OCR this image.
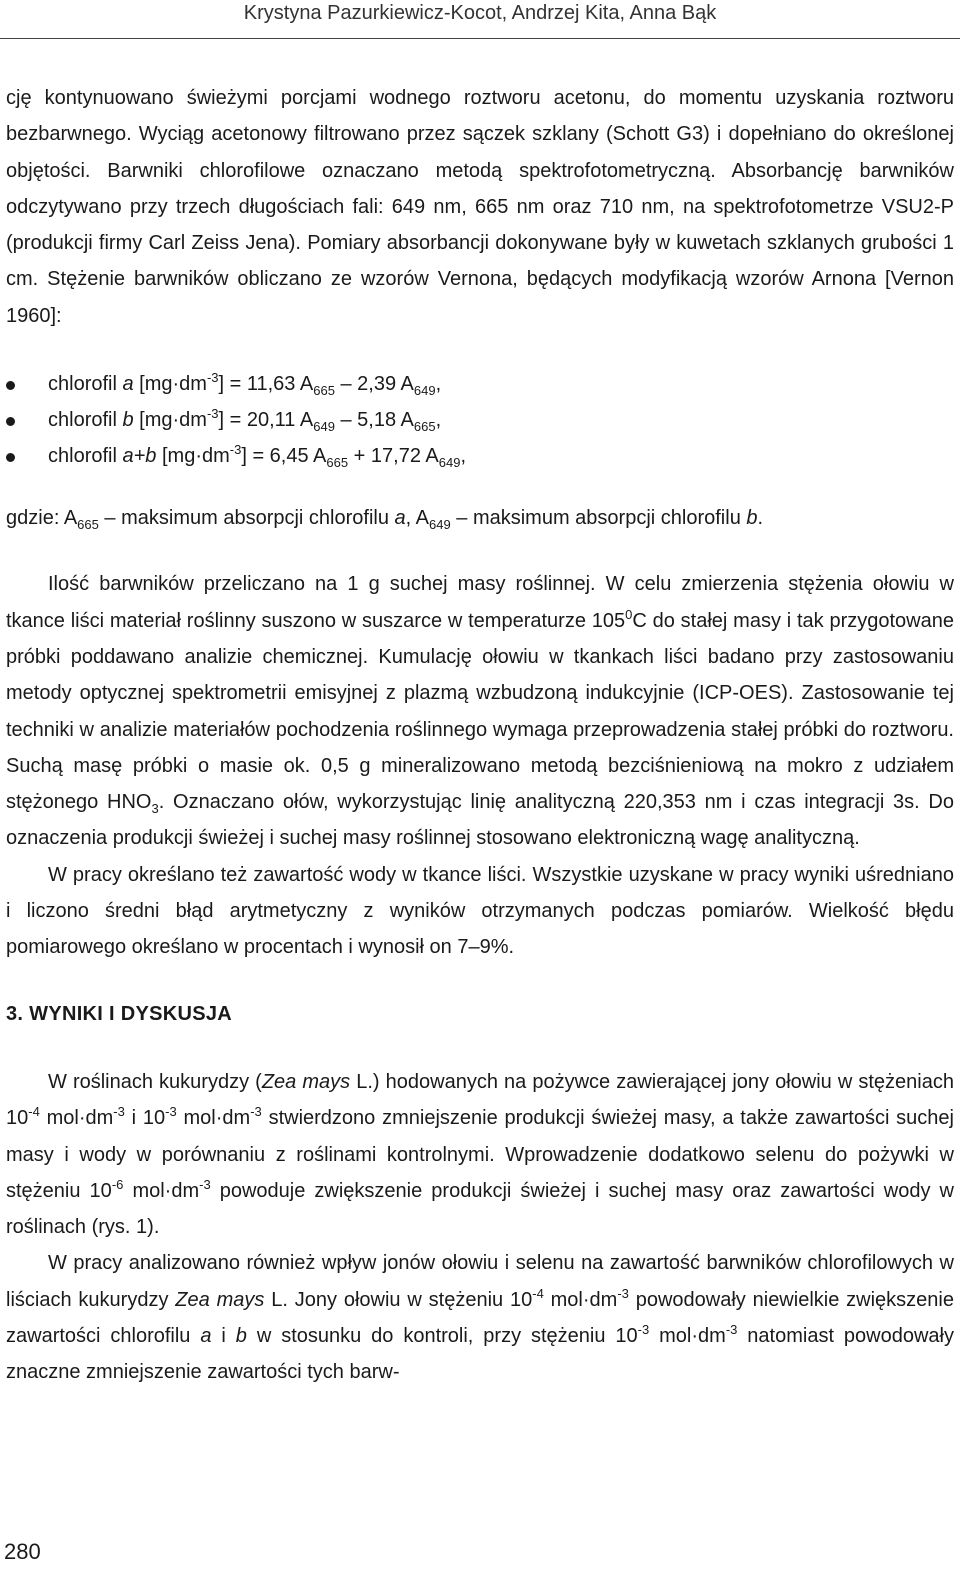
Krystyna Pazurkiewicz-Kocot, Andrzej Kita, Anna Bąk

cję kontynuowano świeżymi porcjami wodnego roztworu acetonu, do momentu uzyskania roztworu bezbarwnego. Wyciąg acetonowy filtrowano przez sączek szklany (Schott G3) i dopełniano do określonej objętości. Barwniki chlorofilowe oznaczano metodą spektrofotometryczną. Absorbancję barwników odczytywano przy trzech długościach fali: 649 nm, 665 nm oraz 710 nm, na spektrofotometrze VSU2-P (produkcji firmy Carl Zeiss Jena). Pomiary absorbancji dokonywane były w kuwetach szklanych grubości 1 cm. Stężenie barwników obliczano ze wzorów Vernona, będących modyfikacją wzorów Arnona [Vernon 1960]:

chlorofil a $[mg\cdot dm^{-3}] = 11,63$ $A_{665} - 2,39$ $A_{649}$,
chlorofil b $[mg\cdot dm^{-3}] = 20,11$ $A_{649} - 5,18$ $A_{665}$,
chlorofil a+b $[mg\cdot dm^{-3}] = 6,45$ $A_{665} + 17,72$ $A_{649}$,

gdzie: $A_{665}$ – maksimum absorpcji chlorofilu a, $A_{649}$ – maksimum absorpcji chlorofilu b.

Ilość barwników przeliczano na 1 g suchej masy roślinnej. W celu zmierzenia stężenia ołowiu w tkance liści materiał roślinny suszono w suszarce w temperaturze $105^0C$ do stałej masy i tak przygotowane próbki poddawano analizie chemicznej. Kumulację ołowiu w tkankach liści badano przy zastosowaniu metody optycznej spektrometrii emisyjnej z plazmą wzbudzoną indukcyjnie (ICP-OES). Zastosowanie tej techniki w analizie materiałów pochodzenia roślinnego wymaga przeprowadzenia stałej próbki do roztworu. Suchą masę próbki o masie ok. 0,5 g mineralizowano metodą bezciśnieniową na mokro z udziałem stężonego $HNO_3$. Oznaczano ołów, wykorzystując linię analityczną 220,353 nm i czas integracji 3s. Do oznaczenia produkcji świeżej i suchej masy roślinnej stosowano elektroniczną wagę analityczną.

W pracy określano też zawartość wody w tkance liści. Wszystkie uzyskane w pracy wyniki uśredniano i liczono średni błąd arytmetyczny z wyników otrzymanych podczas pomiarów. Wielkość błędu pomiarowego określano w procentach i wynosił on 7–9%.

3. WYNIKI I DYSKUSJA

W roślinach kukurydzy (Zea mays L.) hodowanych na pożywce zawierającej jony ołowiu w stężeniach $10^{-4}$ $mol\cdot dm^{-3}$ i $10^{-3}$ $mol\cdot dm^{-3}$ stwierdzono zmniejszenie produkcji świeżej masy, a także zawartości suchej masy i wody w porównaniu z roślinami kontrolnymi. Wprowadzenie dodatkowo selenu do pożywki w stężeniu $10^{-6}$ $mol\cdot dm^{-3}$ powoduje zwiększenie produkcji świeżej i suchej masy oraz zawartości wody w roślinach (rys. 1).

W pracy analizowano również wpływ jonów ołowiu i selenu na zawartość barwników chlorofilowych w liściach kukurydzy Zea mays L. Jony ołowiu w stężeniu $10^{-4}$ $mol\cdot dm^{-3}$ powodowały niewielkie zwiększenie zawartości chlorofilu a i b w stosunku do kontroli, przy stężeniu $10^{-3}$ $mol\cdot dm^{-3}$ natomiast powodowały znaczne zmniejszenie zawartości tych barw-

280
